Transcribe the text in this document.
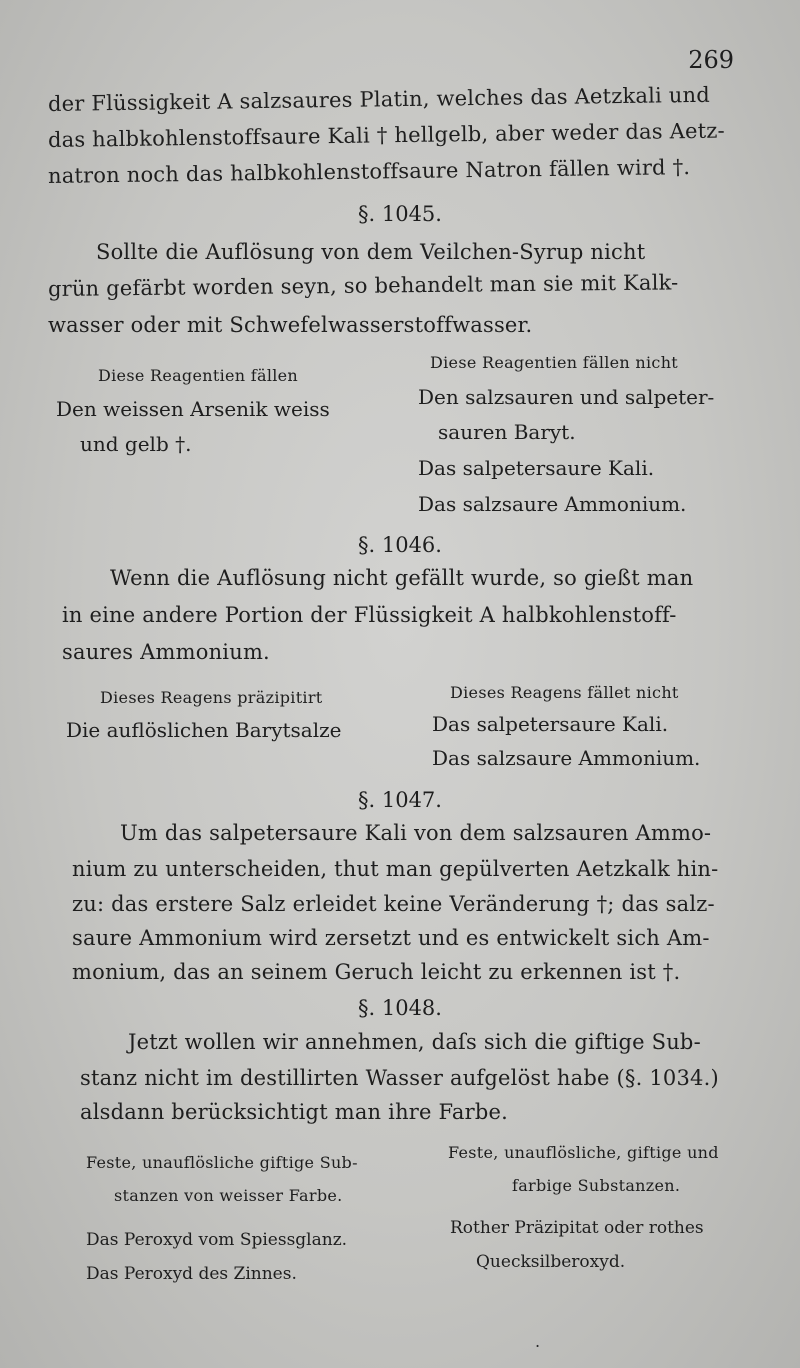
269
der Flüssigkeit A salzsaures Platin, welches das Aetzkali und
das halbkohlenstoffsaure Kali † hellgelb, aber weder das Aetz-
natron noch das halbkohlenstoffsaure Natron fällen wird †.
§. 1045.
Sollte die Auflösung von dem Veilchen-Syrup nicht
grün gefärbt worden seyn, so behandelt man sie mit Kalk-
wasser oder mit Schwefelwasserstoffwasser.
Diese Reagentien fällen
Den weissen Arsenik weiss
und gelb †.
Diese Reagentien fällen nicht
Den salzsauren und salpeter-
sauren Baryt.
Das salpetersaure Kali.
Das salzsaure Ammonium.
§. 1046.
Wenn die Auflösung nicht gefällt wurde, so gießt man
in eine andere Portion der Flüssigkeit A halbkohlenstoff-
saures Ammonium.
Dieses Reagens präzipitirt
Die auflöslichen Barytsalze
Dieses Reagens fället nicht
Das salpetersaure Kali.
Das salzsaure Ammonium.
§. 1047.
Um das salpetersaure Kali von dem salzsauren Ammo-
nium zu unterscheiden, thut man gepülverten Aetzkalk hin-
zu: das erstere Salz erleidet keine Veränderung †; das salz-
saure Ammonium wird zersetzt und es entwickelt sich Am-
monium, das an seinem Geruch leicht zu erkennen ist †.
§. 1048.
Jetzt wollen wir annehmen, daſs sich die giftige Sub-
stanz nicht im destillirten Wasser aufgelöst habe (§. 1034.)
alsdann berücksichtigt man ihre Farbe.
Feste, unauflösliche giftige Sub-
stanzen von weisser Farbe.
Das Peroxyd vom Spiessglanz.
Das Peroxyd des Zinnes.
Feste, unauflösliche, giftige und
farbige Substanzen.
Rother Präzipitat oder rothes
Quecksilberoxyd.
.
